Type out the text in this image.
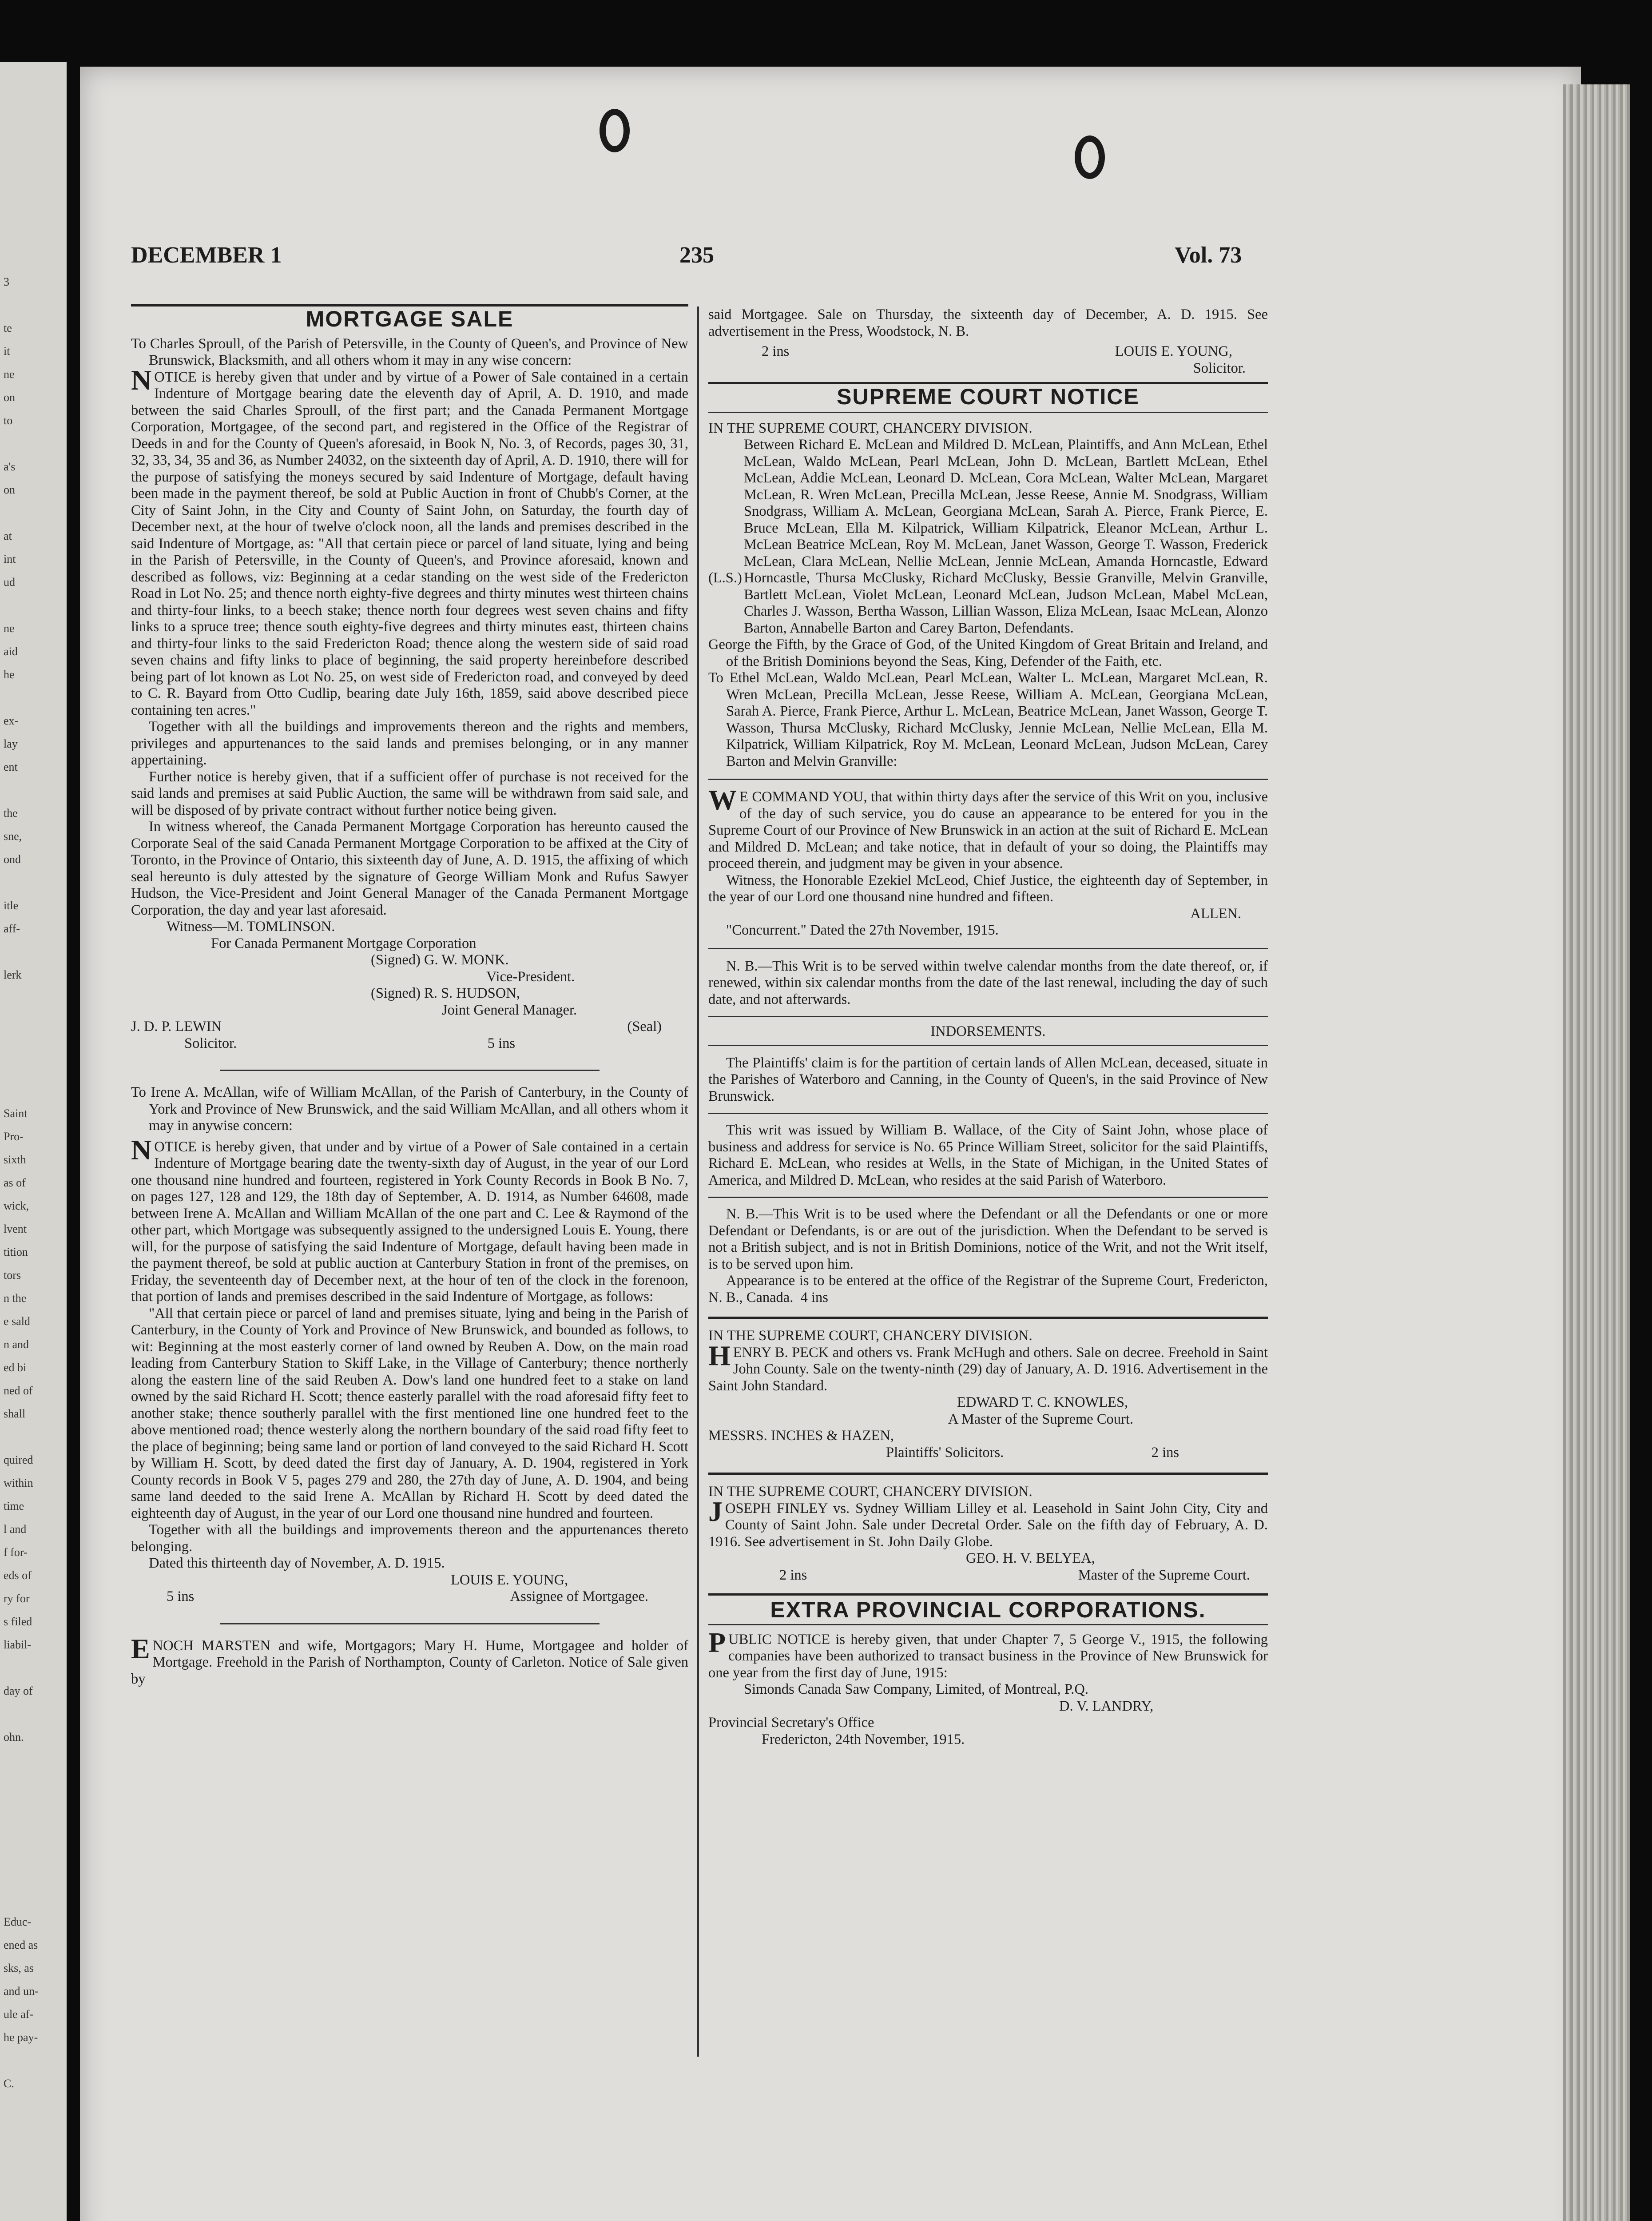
3
te
it
ne
on
to
a's
on
at
int
ud
ne
aid
he
ex-
lay
ent
the
sne,
ond
itle
aff-
lerk
Saint
Pro-
sixth
as of
wick,
lvent
tition
tors
n the
e sald
n and
ed bi
ned of
shall
quired
within
time
l and
f for-
eds of
ry for
s filed
liabil-
day of
ohn.
Educ-
ened as
sks, as
and un-
ule af-
he pay-
C.
DECEMBER 1	235	Vol. 73

MORTGAGE SALE

To Charles Sproull, of the Parish of Petersville, in the County of Queen's, and Province of New Brunswick, Blacksmith, and all others whom it may in any wise concern:

NOTICE is hereby given that under and by virtue of a Power of Sale contained in a certain Indenture of Mortgage bearing date the eleventh day of April, A. D. 1910, and made between the said Charles Sproull, of the first part; and the Canada Permanent Mortgage Corporation, Mortgagee, of the second part, and registered in the Office of the Registrar of Deeds in and for the County of Queen's aforesaid, in Book N, No. 3, of Records, pages 30, 31, 32, 33, 34, 35 and 36, as Number 24032, on the sixteenth day of April, A. D. 1910, there will for the purpose of satisfying the moneys secured by said Indenture of Mortgage, default having been made in the payment thereof, be sold at Public Auction in front of Chubb's Corner, at the City of Saint John, in the City and County of Saint John, on Saturday, the fourth day of December next, at the hour of twelve o'clock noon, all the lands and premises described in the said Indenture of Mortgage, as: "All that certain piece or parcel of land situate, lying and being in the Parish of Petersville, in the County of Queen's, and Province aforesaid, known and described as follows, viz: Beginning at a cedar standing on the west side of the Fredericton Road in Lot No. 25; and thence north eighty-five degrees and thirty minutes west thirteen chains and thirty-four links, to a beech stake; thence north four degrees west seven chains and fifty links to a spruce tree; thence south eighty-five degrees and thirty minutes east, thirteen chains and thirty-four links to the said Fredericton Road; thence along the western side of said road seven chains and fifty links to place of beginning, the said property hereinbefore described being part of lot known as Lot No. 25, on west side of Fredericton road, and conveyed by deed to C. R. Bayard from Otto Cudlip, bearing date July 16th, 1859, said above described piece containing ten acres."

Together with all the buildings and improvements thereon and the rights and members, privileges and appurtenances to the said lands and premises belonging, or in any manner appertaining.

Further notice is hereby given, that if a sufficient offer of purchase is not received for the said lands and premises at said Public Auction, the same will be withdrawn from said sale, and will be disposed of by private contract without further notice being given.

In witness whereof, the Canada Permanent Mortgage Corporation has hereunto caused the Corporate Seal of the said Canada Permanent Mortgage Corporation to be affixed at the City of Toronto, in the Province of Ontario, this sixteenth day of June, A. D. 1915, the affixing of which seal hereunto is duly attested by the signature of George William Monk and Rufus Sawyer Hudson, the Vice-President and Joint General Manager of the Canada Permanent Mortgage Corporation, the day and year last aforesaid.

Witness—M. TOMLINSON.

For Canada Permanent Mortgage Corporation

(Signed) G. W. MONK.

Vice-President.

(Signed) R. S. HUDSON,

Joint General Manager.

J. D. P. LEWIN	(Seal)
Solicitor.	5 ins

To Irene A. McAllan, wife of William McAllan, of the Parish of Canterbury, in the County of York and Province of New Brunswick, and the said William McAllan, and all others whom it may in anywise concern:

NOTICE is hereby given, that under and by virtue of a Power of Sale contained in a certain Indenture of Mortgage bearing date the twenty-sixth day of August, in the year of our Lord one thousand nine hundred and fourteen, registered in York County Records in Book B No. 7, on pages 127, 128 and 129, the 18th day of September, A. D. 1914, as Number 64608, made between Irene A. McAllan and William McAllan of the one part and C. Lee & Raymond of the other part, which Mortgage was subsequently assigned to the undersigned Louis E. Young, there will, for the purpose of satisfying the said Indenture of Mortgage, default having been made in the payment thereof, be sold at public auction at Canterbury Station in front of the premises, on Friday, the seventeenth day of December next, at the hour of ten of the clock in the forenoon, that portion of lands and premises described in the said Indenture of Mortgage, as follows:

"All that certain piece or parcel of land and premises situate, lying and being in the Parish of Canterbury, in the County of York and Province of New Brunswick, and bounded as follows, to wit: Beginning at the most easterly corner of land owned by Reuben A. Dow, on the main road leading from Canterbury Station to Skiff Lake, in the Village of Canterbury; thence northerly along the eastern line of the said Reuben A. Dow's land one hundred feet to a stake on land owned by the said Richard H. Scott; thence easterly parallel with the road aforesaid fifty feet to another stake; thence southerly parallel with the first mentioned line one hundred feet to the above mentioned road; thence westerly along the northern boundary of the said road fifty feet to the place of beginning; being same land or portion of land conveyed to the said Richard H. Scott by William H. Scott, by deed dated the first day of January, A. D. 1904, registered in York County records in Book V 5, pages 279 and 280, the 27th day of June, A. D. 1904, and being same land deeded to the said Irene A. McAllan by Richard H. Scott by deed dated the eighteenth day of August, in the year of our Lord one thousand nine hundred and fourteen.

Together with all the buildings and improvements thereon and the appurtenances thereto belonging.

Dated this thirteenth day of November, A. D. 1915.

LOUIS E. YOUNG,

5 ins	Assignee of Mortgagee.

ENOCH MARSTEN and wife, Mortgagors; Mary H. Hume, Mortgagee and holder of Mortgage. Freehold in the Parish of Northampton, County of Carleton. Notice of Sale given by

said Mortgagee. Sale on Thursday, the sixteenth day of December, A. D. 1915. See advertisement in the Press, Woodstock, N. B.

2 ins	LOUIS E. YOUNG,

Solicitor.

SUPREME COURT NOTICE

IN THE SUPREME COURT, CHANCERY DIVISION.

(L.S.)

Between Richard E. McLean and Mildred D. McLean, Plaintiffs, and Ann McLean, Ethel McLean, Waldo McLean, Pearl McLean, John D. McLean, Bartlett McLean, Ethel McLean, Addie McLean, Leonard D. McLean, Cora McLean, Walter McLean, Margaret McLean, R. Wren McLean, Precilla McLean, Jesse Reese, Annie M. Snodgrass, William Snodgrass, William A. McLean, Georgiana McLean, Sarah A. Pierce, Frank Pierce, E. Bruce McLean, Ella M. Kilpatrick, William Kilpatrick, Eleanor McLean, Arthur L. McLean Beatrice McLean, Roy M. McLean, Janet Wasson, George T. Wasson, Frederick McLean, Clara McLean, Nellie McLean, Jennie McLean, Amanda Horncastle, Edward Horncastle, Thursa McClusky, Richard McClusky, Bessie Granville, Melvin Granville, Bartlett McLean, Violet McLean, Leonard McLean, Judson McLean, Mabel McLean, Charles J. Wasson, Bertha Wasson, Lillian Wasson, Eliza McLean, Isaac McLean, Alonzo Barton, Annabelle Barton and Carey Barton, Defendants.

George the Fifth, by the Grace of God, of the United Kingdom of Great Britain and Ireland, and of the British Dominions beyond the Seas, King, Defender of the Faith, etc.

To Ethel McLean, Waldo McLean, Pearl McLean, Walter L. McLean, Margaret McLean, R. Wren McLean, Precilla McLean, Jesse Reese, William A. McLean, Georgiana McLean, Sarah A. Pierce, Frank Pierce, Arthur L. McLean, Beatrice McLean, Janet Wasson, George T. Wasson, Thursa McClusky, Richard McClusky, Jennie McLean, Nellie McLean, Ella M. Kilpatrick, William Kilpatrick, Roy M. McLean, Leonard McLean, Judson McLean, Carey Barton and Melvin Granville:

W E COMMAND YOU, that within thirty days after the service of this Writ on you, inclusive of the day of such service, you do cause an appearance to be entered for you in the Supreme Court of our Province of New Brunswick in an action at the suit of Richard E. McLean and Mildred D. McLean; and take notice, that in default of your so doing, the Plaintiffs may proceed therein, and judgment may be given in your absence.

Witness, the Honorable Ezekiel McLeod, Chief Justice, the eighteenth day of September, in the year of our Lord one thousand nine hundred and fifteen.

ALLEN.

"Concurrent." Dated the 27th November, 1915.

N. B.—This Writ is to be served within twelve calendar months from the date thereof, or, if renewed, within six calendar months from the date of the last renewal, including the day of such date, and not afterwards.

INDORSEMENTS.

The Plaintiffs' claim is for the partition of certain lands of Allen McLean, deceased, situate in the Parishes of Waterboro and Canning, in the County of Queen's, in the said Province of New Brunswick.

This writ was issued by William B. Wallace, of the City of Saint John, whose place of business and address for service is No. 65 Prince William Street, solicitor for the said Plaintiffs, Richard E. McLean, who resides at Wells, in the State of Michigan, in the United States of America, and Mildred D. McLean, who resides at the said Parish of Waterboro.

N. B.—This Writ is to be used where the Defendant or all the Defendants or one or more Defendant or Defendants, is or are out of the jurisdiction. When the Defendant to be served is not a British subject, and is not in British Dominions, notice of the Writ, and not the Writ itself, is to be served upon him.

Appearance is to be entered at the office of the Registrar of the Supreme Court, Fredericton, N. B., Canada. 4 ins

IN THE SUPREME COURT, CHANCERY DIVISION.

HENRY B. PECK and others vs. Frank McHugh and others. Sale on decree. Freehold in Saint John County. Sale on the twenty-ninth (29) day of January, A. D. 1916. Advertisement in the Saint John Standard.

EDWARD T. C. KNOWLES,

A Master of the Supreme Court.

MESSRS. INCHES & HAZEN,

Plaintiffs' Solicitors.	2 ins

IN THE SUPREME COURT, CHANCERY DIVISION.

JOSEPH FINLEY vs. Sydney William Lilley et al. Leasehold in Saint John City, City and County of Saint John. Sale under Decretal Order. Sale on the fifth day of February, A. D. 1916. See advertisement in St. John Daily Globe.

GEO. H. V. BELYEA,

2 ins	Master of the Supreme Court.

EXTRA PROVINCIAL CORPORATIONS.

PUBLIC NOTICE is hereby given, that under Chapter 7, 5 George V., 1915, the following companies have been authorized to transact business in the Province of New Brunswick for one year from the first day of June, 1915:

Simonds Canada Saw Company, Limited, of Montreal, P.Q.

D. V. LANDRY,

Provincial Secretary's Office

Fredericton, 24th November, 1915.
